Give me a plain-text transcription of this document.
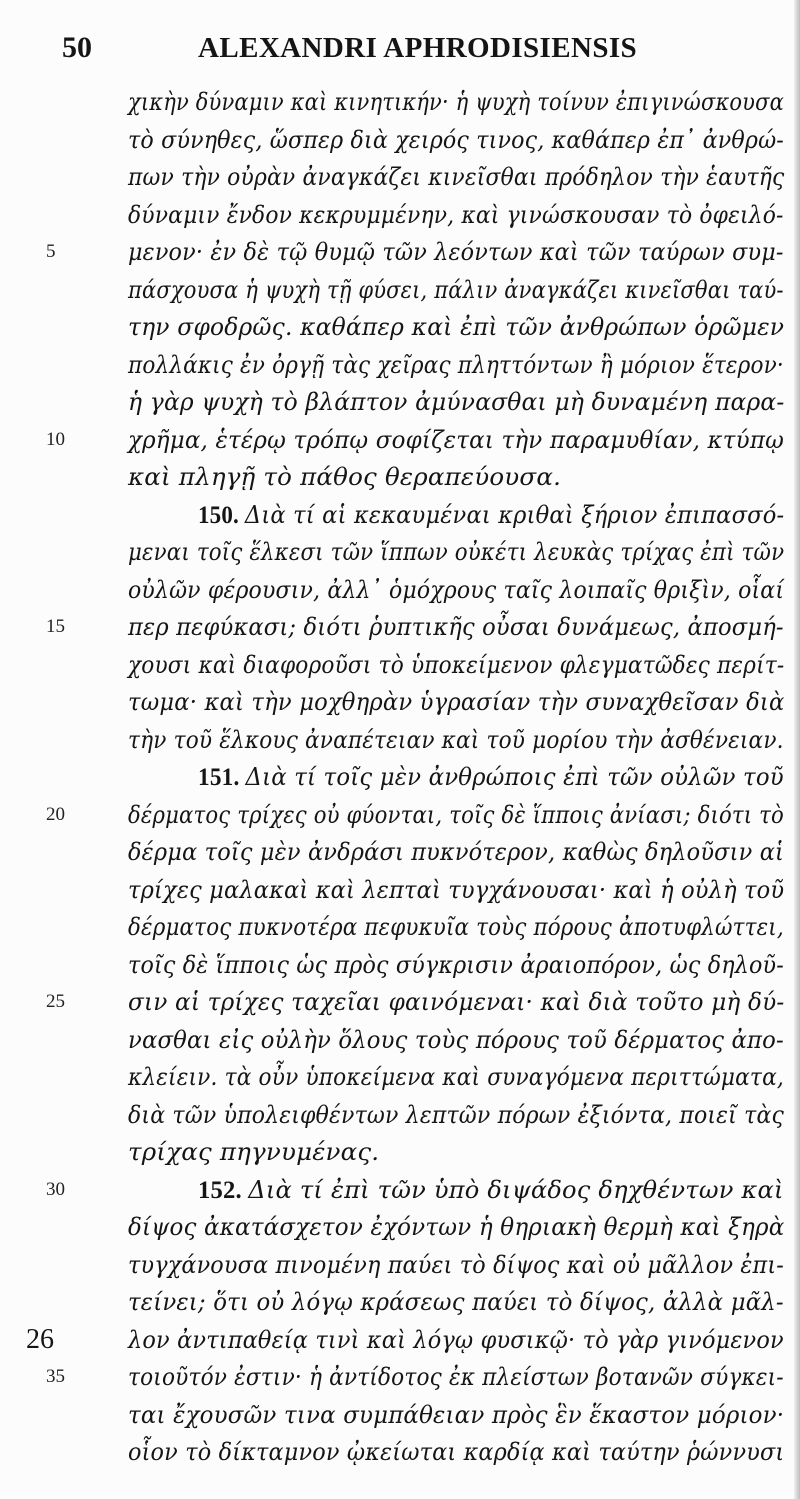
50	ALEXANDRI APHRODISIENSIS
5
10
15
20
25
30
35
26
χικὴν δύναμιν καὶ κινητικήν· ἡ ψυχὴ τοίνυν ἐπιγινώσκουσα
τὸ σύνηθες, ὥσπερ διὰ χειρός τινος, καθάπερ ἐπ᾿ ἀνθρώ-
πων τὴν οὐρὰν ἀναγκάζει κινεῖσθαι πρόδηλον τὴν ἑαυτῆς
δύναμιν ἔνδον κεκρυμμένην, καὶ γινώσκουσαν τὸ ὀφειλό-
μενον· ἐν δὲ τῷ θυμῷ τῶν λεόντων καὶ τῶν ταύρων συμ-
πάσχουσα ἡ ψυχὴ τῇ φύσει, πάλιν ἀναγκάζει κινεῖσθαι ταύ-
την σφοδρῶς. καθάπερ καὶ ἐπὶ τῶν ἀνθρώπων ὁρῶμεν
πολλάκις ἐν ὀργῇ τὰς χεῖρας πληττόντων ἢ μόριον ἕτερον·
ἡ γὰρ ψυχὴ τὸ βλάπτον ἀμύνασθαι μὴ δυναμένη παρα-
χρῆμα, ἑτέρῳ τρόπῳ σοφίζεται τὴν παραμυθίαν, κτύπῳ
καὶ πληγῇ τὸ πάθος θεραπεύουσα.
150. Διὰ τί αἱ κεκαυμέναι κριθαὶ ξήριον ἐπιπασσό-
μεναι τοῖς ἕλκεσι τῶν ἵππων οὐκέτι λευκὰς τρίχας ἐπὶ τῶν
οὐλῶν φέρουσιν, ἀλλ᾿ ὁμόχρους ταῖς λοιπαῖς θριξὶν, οἷαί
περ πεφύκασι; διότι ῥυπτικῆς οὖσαι δυνάμεως, ἀποσμή-
χουσι καὶ διαφοροῦσι τὸ ὑποκείμενον φλεγματῶδες περίτ-
τωμα· καὶ τὴν μοχθηρὰν ὑγρασίαν τὴν συναχθεῖσαν διὰ
τὴν τοῦ ἕλκους ἀναπέτειαν καὶ τοῦ μορίου τὴν ἀσθένειαν.
151. Διὰ τί τοῖς μὲν ἀνθρώποις ἐπὶ τῶν οὐλῶν τοῦ
δέρματος τρίχες οὐ φύονται, τοῖς δὲ ἵπποις ἀνίασι; διότι τὸ
δέρμα τοῖς μὲν ἀνδράσι πυκνότερον, καθὼς δηλοῦσιν αἱ
τρίχες μαλακαὶ καὶ λεπταὶ τυγχάνουσαι· καὶ ἡ οὐλὴ τοῦ
δέρματος πυκνοτέρα πεφυκυῖα τοὺς πόρους ἀποτυφλώττει,
τοῖς δὲ ἵπποις ὡς πρὸς σύγκρισιν ἀραιοπόρον, ὡς δηλοῦ-
σιν αἱ τρίχες ταχεῖαι φαινόμεναι· καὶ διὰ τοῦτο μὴ δύ-
νασθαι εἰς οὐλὴν ὅλους τοὺς πόρους τοῦ δέρματος ἀπο-
κλείειν. τὰ οὖν ὑποκείμενα καὶ συναγόμενα περιττώματα,
διὰ τῶν ὑπολειφθέντων λεπτῶν πόρων ἐξιόντα, ποιεῖ τὰς
τρίχας πηγνυμένας.
152. Διὰ τί ἐπὶ τῶν ὑπὸ διψάδος δηχθέντων καὶ
δίψος ἀκατάσχετον ἐχόντων ἡ θηριακὴ θερμὴ καὶ ξηρὰ
τυγχάνουσα πινομένη παύει τὸ δίψος καὶ οὐ μᾶλλον ἐπι-
τείνει; ὅτι οὐ λόγῳ κράσεως παύει τὸ δίψος, ἀλλὰ μᾶλ-
λον ἀντιπαθείᾳ τινὶ καὶ λόγῳ φυσικῷ· τὸ γὰρ γινόμενον
τοιοῦτόν ἐστιν· ἡ ἀντίδοτος ἐκ πλείστων βοτανῶν σύγκει-
ται ἔχουσῶν τινα συμπάθειαν πρὸς ἓν ἕκαστον μόριον·
οἷον τὸ δίκταμνον ᾠκείωται καρδίᾳ καὶ ταύτην ῥώννυσι
